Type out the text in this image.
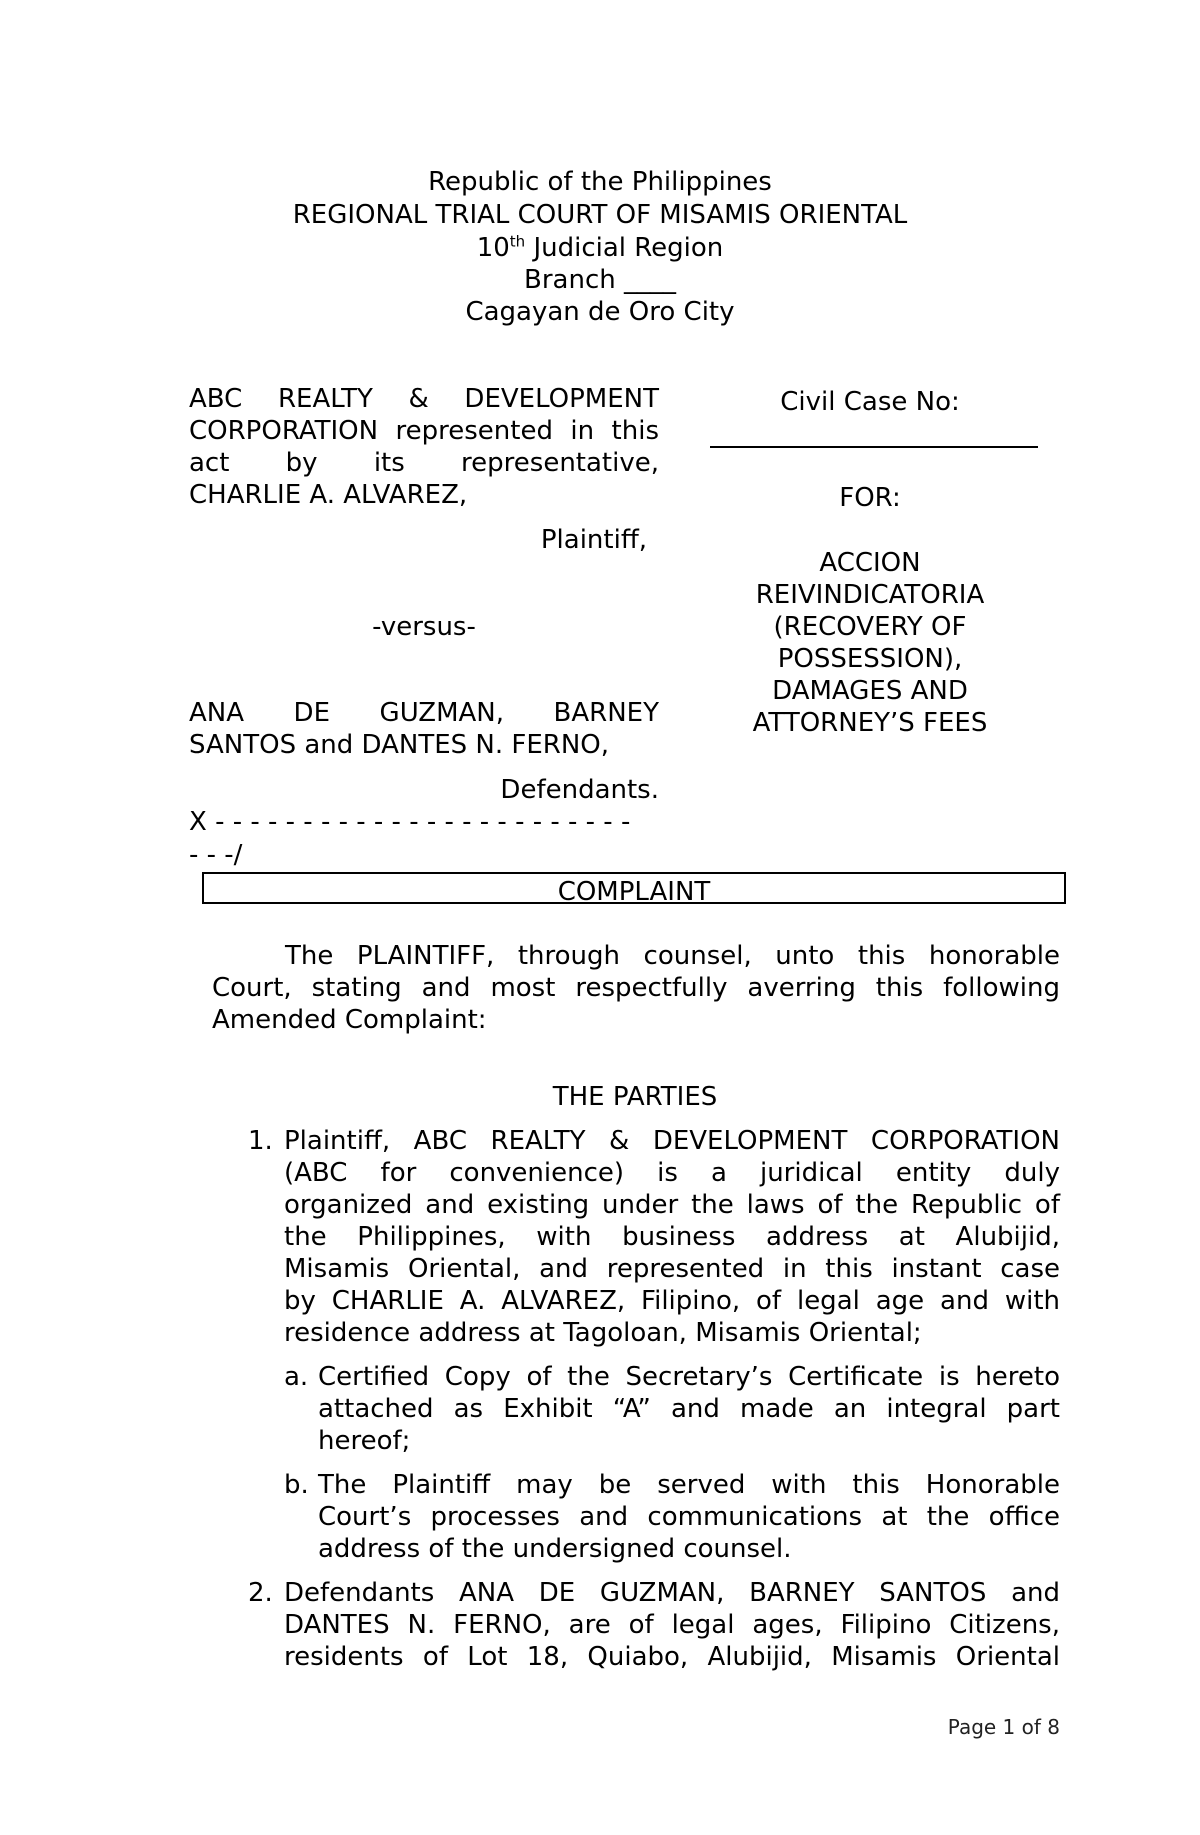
Republic of the Philippines
REGIONAL TRIAL COURT OF MISAMIS ORIENTAL
10th Judicial Region
Branch ____
Cagayan de Oro City
ABC REALTY & DEVELOPMENT
CORPORATION represented in this
act by its representative,
CHARLIE A. ALVAREZ,
Plaintiff,
-versus-
ANA DE GUZMAN, BARNEY
SANTOS and DANTES N. FERNO,
Defendants.
X - - - - - - - - - - - - - - - - - - - - - - - -
- - -/
Civil Case No:
FOR:
ACCION
REIVINDICATORIA
(RECOVERY OF
POSSESSION),
DAMAGES AND
ATTORNEY’S FEES
COMPLAINT
The PLAINTIFF, through counsel, unto this honorable
Court, stating and most respectfully averring this following
Amended Complaint:
THE PARTIES
1. Plaintiff, ABC REALTY & DEVELOPMENT CORPORATION
(ABC for convenience) is a juridical entity duly
organized and existing under the laws of the Republic of
the Philippines, with business address at Alubijid,
Misamis Oriental, and represented in this instant case
by CHARLIE A. ALVAREZ, Filipino, of legal age and with
residence address at Tagoloan, Misamis Oriental;
a. Certified Copy of the Secretary’s Certificate is hereto
attached as Exhibit “A” and made an integral part
hereof;
b. The Plaintiff may be served with this Honorable
Court’s processes and communications at the office
address of the undersigned counsel.
2. Defendants ANA DE GUZMAN, BARNEY SANTOS and
DANTES N. FERNO, are of legal ages, Filipino Citizens,
residents of Lot 18, Quiabo, Alubijid, Misamis Oriental
Page 1 of 8
